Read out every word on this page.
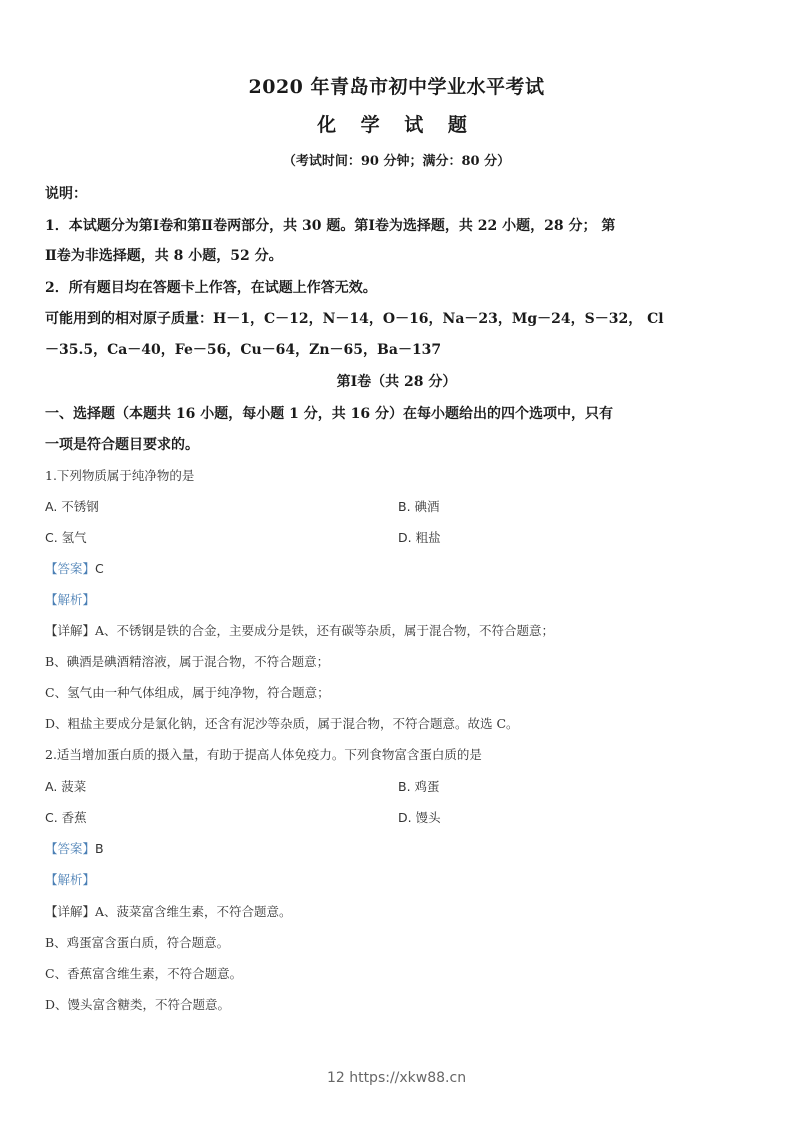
2020 年青岛市初中学业水平考试
化 学 试 题
（考试时间：90 分钟；满分：80 分）
说明：
1．本试题分为第Ⅰ卷和第Ⅱ卷两部分，共 30 题。第Ⅰ卷为选择题，共 22 小题，28 分； 第
Ⅱ卷为非选择题，共 8 小题，52 分。
2．所有题目均在答题卡上作答，在试题上作答无效。
可能用到的相对原子质量：H－1，C－12，N－14，O－16，Na－23，Mg－24，S－32， Cl
－35.5，Ca－40，Fe－56，Cu－64，Zn－65，Ba－137
第Ⅰ卷（共 28 分）
一、选择题（本题共 16 小题，每小题 1 分，共 16 分）在每小题给出的四个选项中，只有
一项是符合题目要求的。
1.下列物质属于纯净物的是
A. 不锈钢	B. 碘酒
C. 氢气	D. 粗盐
【答案】C
【解析】
【详解】A、不锈钢是铁的合金，主要成分是铁，还有碳等杂质，属于混合物，不符合题意；
B、碘酒是碘酒精溶液，属于混合物，不符合题意；
C、氢气由一种气体组成，属于纯净物，符合题意；
D、粗盐主要成分是氯化钠，还含有泥沙等杂质，属于混合物，不符合题意。故选 C。
2.适当增加蛋白质的摄入量，有助于提高人体免疫力。下列食物富含蛋白质的是
A. 菠菜	B. 鸡蛋
C. 香蕉	D. 馒头
【答案】B
【解析】
【详解】A、菠菜富含维生素，不符合题意。
B、鸡蛋富含蛋白质，符合题意。
C、香蕉富含维生素，不符合题意。
D、馒头富含糖类，不符合题意。
12 https://xkw88.cn
